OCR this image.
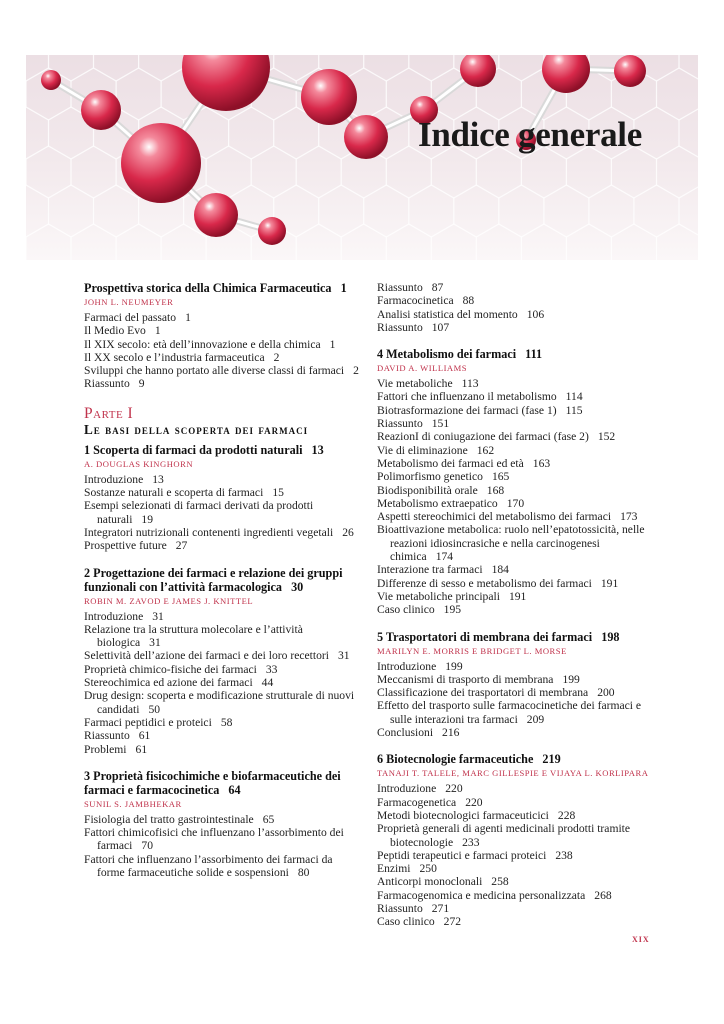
Indice generale
Prospettiva storica della Chimica Farmaceutica 1
JOHN L. NEUMEYER
Farmaci del passato 1
Il Medio Evo 1
Il XIX secolo: età dell’innovazione e della chimica 1
Il XX secolo e l’industria farmaceutica 2
Sviluppi che hanno portato alle diverse classi di farmaci 2
Riassunto 9
Parte I
Le basi della scoperta dei farmaci
1 Scoperta di farmaci da prodotti naturali 13
A. DOUGLAS KINGHORN
Introduzione 13
Sostanze naturali e scoperta di farmaci 15
Esempi selezionati di farmaci derivati da prodotti naturali 19
Integratori nutrizionali contenenti ingredienti vegetali 26
Prospettive future 27
2 Progettazione dei farmaci e relazione dei gruppi funzionali con l’attività farmacologica 30
ROBIN M. ZAVOD E JAMES J. KNITTEL
Introduzione 31
Relazione tra la struttura molecolare e l’attività biologica 31
Selettività dell’azione dei farmaci e dei loro recettori 31
Proprietà chimico-fisiche dei farmaci 33
Stereochimica ed azione dei farmaci 44
Drug design: scoperta e modificazione strutturale di nuovi candidati 50
Farmaci peptidici e proteici 58
Riassunto 61
Problemi 61
3 Proprietà fisicochimiche e biofarmaceutiche dei farmaci e farmacocinetica 64
SUNIL S. JAMBHEKAR
Fisiologia del tratto gastrointestinale 65
Fattori chimicofisici che influenzano l’assorbimento dei farmaci 70
Fattori che influenzano l’assorbimento dei farmaci da forme farmaceutiche solide e sospensioni 80
Riassunto 87
Farmacocinetica 88
Analisi statistica del momento 106
Riassunto 107
4 Metabolismo dei farmaci 111
DAVID A. WILLIAMS
Vie metaboliche 113
Fattori che influenzano il metabolismo 114
Biotrasformazione dei farmaci (fase 1) 115
Riassunto 151
ReazionI di coniugazione dei farmaci (fase 2) 152
Vie di eliminazione 162
Metabolismo dei farmaci ed età 163
Polimorfismo genetico 165
Biodisponibilità orale 168
Metabolismo extraepatico 170
Aspetti stereochimici del metabolismo dei farmaci 173
Bioattivazione metabolica: ruolo nell’epatotossicità, nelle reazioni idiosincrasiche e nella carcinogenesi chimica 174
Interazione tra farmaci 184
Differenze di sesso e metabolismo dei farmaci 191
Vie metaboliche principali 191
Caso clinico 195
5 Trasportatori di membrana dei farmaci 198
MARILYN E. MORRIS E BRIDGET L. MORSE
Introduzione 199
Meccanismi di trasporto di membrana 199
Classificazione dei trasportatori di membrana 200
Effetto del trasporto sulle farmacocinetiche dei farmaci e sulle interazioni tra farmaci 209
Conclusioni 216
6 Biotecnologie farmaceutiche 219
TANAJI T. TALELE, MARC GILLESPIE E VIJAYA L. KORLIPARA
Introduzione 220
Farmacogenetica 220
Metodi biotecnologici farmaceuticici 228
Proprietà generali di agenti medicinali prodotti tramite biotecnologie 233
Peptidi terapeutici e farmaci proteici 238
Enzimi 250
Anticorpi monoclonali 258
Farmacogenomica e medicina personalizzata 268
Riassunto 271
Caso clinico 272
xix
